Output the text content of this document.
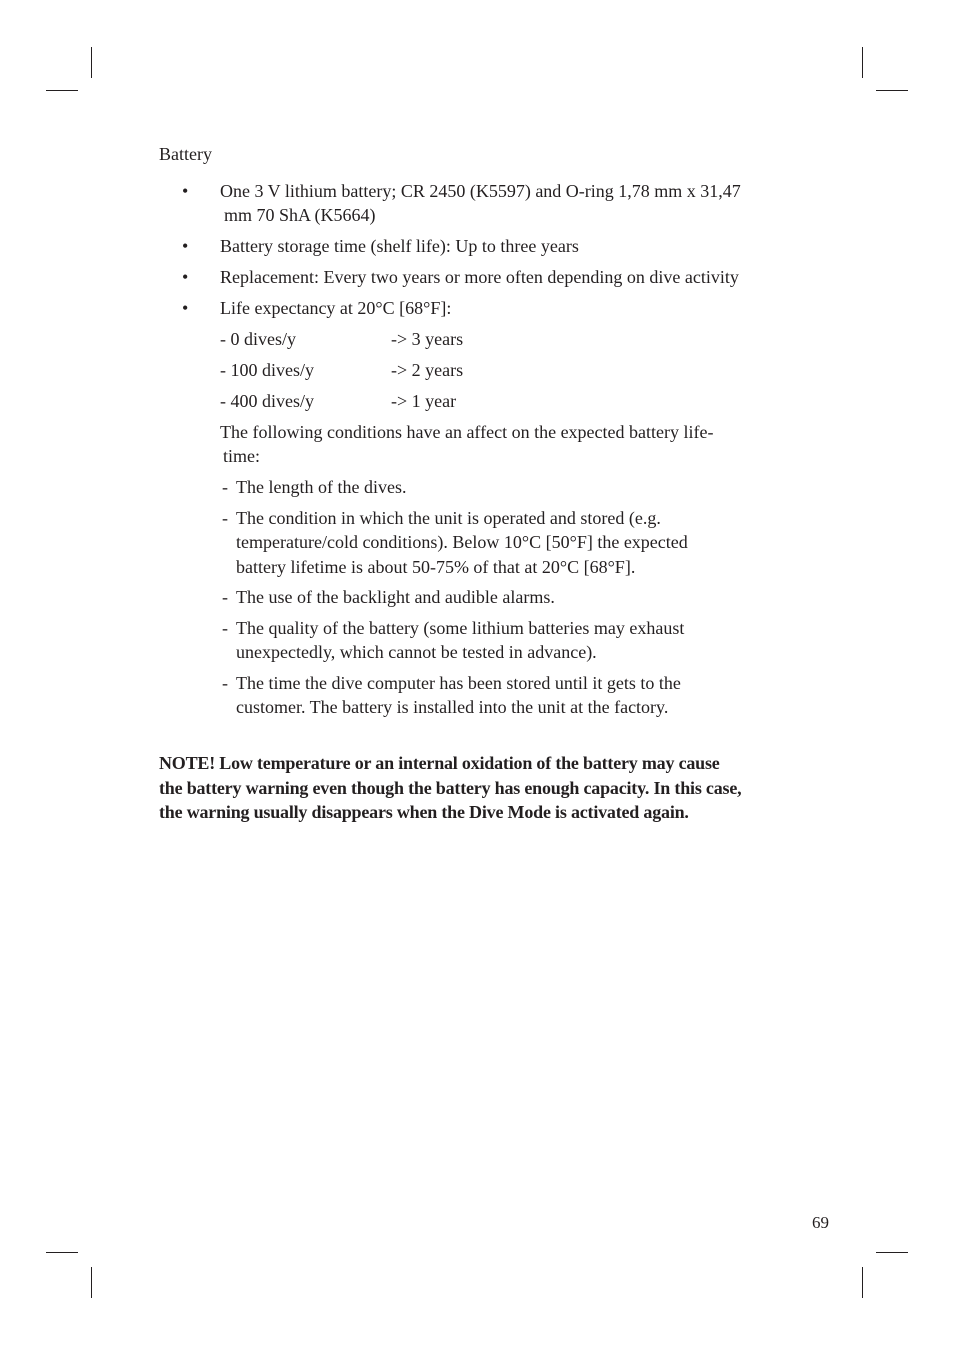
Battery
• One 3 V lithium battery; CR 2450 (K5597) and O-ring 1,78 mm x 31,47
mm 70 ShA (K5664)
• Battery storage time (shelf life): Up to three years
• Replacement: Every two years or more often depending on dive activity
• Life expectancy at 20°C [68°F]:
- 0 dives/y	-> 3 years
- 100 dives/y	-> 2 years
- 400 dives/y	-> 1 year
The following conditions have an affect on the expected battery life-
time:
- The length of the dives.
- The condition in which the unit is operated and stored (e.g.
temperature/cold conditions). Below 10°C [50°F] the expected
battery lifetime is about 50-75% of that at 20°C [68°F].
- The use of the backlight and audible alarms.
- The quality of the battery (some lithium batteries may exhaust
unexpectedly, which cannot be tested in advance).
- The time the dive computer has been stored until it gets to the
customer. The battery is installed into the unit at the factory.
NOTE! Low temperature or an internal oxidation of the battery may cause
the battery warning even though the battery has enough capacity. In this case,
the warning usually disappears when the Dive Mode is activated again.
69
